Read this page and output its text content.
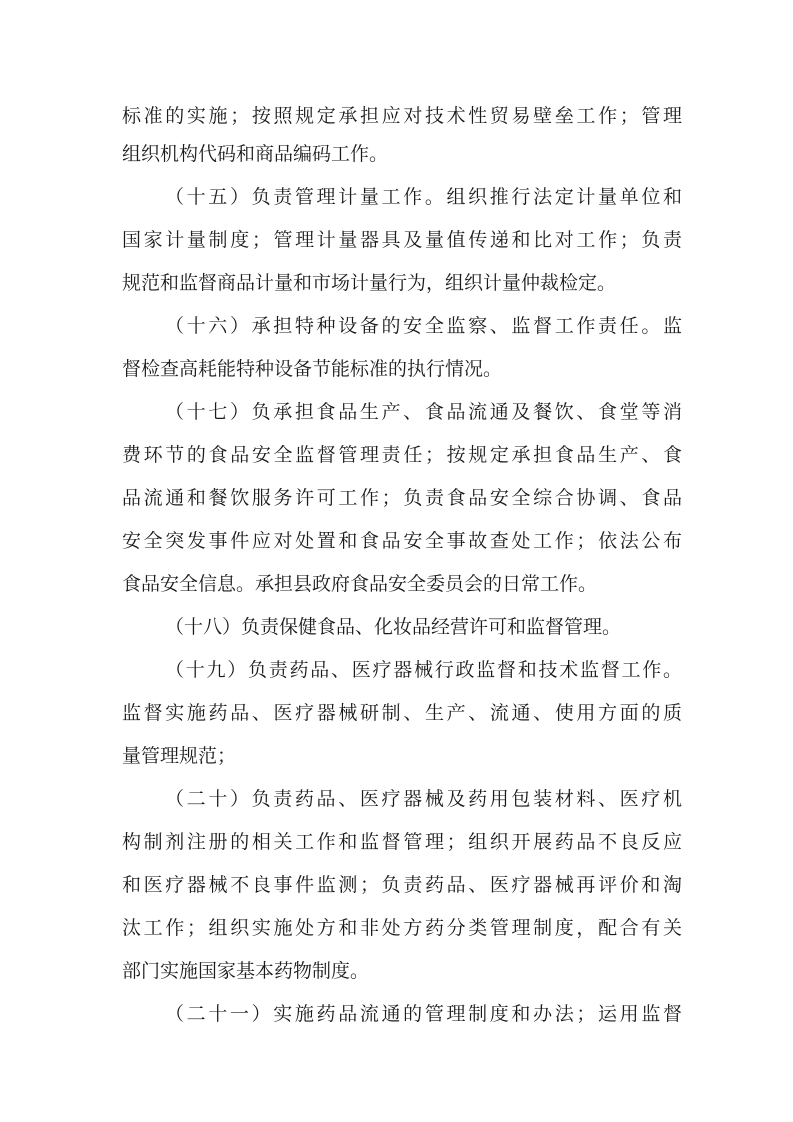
标准的实施；按照规定承担应对技术性贸易壁垒工作；管理
组织机构代码和商品编码工作。
（十五）负责管理计量工作。组织推行法定计量单位和
国家计量制度；管理计量器具及量值传递和比对工作；负责
规范和监督商品计量和市场计量行为，组织计量仲裁检定。
（十六）承担特种设备的安全监察、监督工作责任。监
督检查高耗能特种设备节能标准的执行情况。
（十七）负承担食品生产、食品流通及餐饮、食堂等消
费环节的食品安全监督管理责任；按规定承担食品生产、食
品流通和餐饮服务许可工作；负责食品安全综合协调、食品
安全突发事件应对处置和食品安全事故查处工作；依法公布
食品安全信息。承担县政府食品安全委员会的日常工作。
（十八）负责保健食品、化妆品经营许可和监督管理。
（十九）负责药品、医疗器械行政监督和技术监督工作。
监督实施药品、医疗器械研制、生产、流通、使用方面的质
量管理规范；
（二十）负责药品、医疗器械及药用包装材料、医疗机
构制剂注册的相关工作和监督管理；组织开展药品不良反应
和医疗器械不良事件监测；负责药品、医疗器械再评价和淘
汰工作；组织实施处方和非处方药分类管理制度，配合有关
部门实施国家基本药物制度。
（二十一）实施药品流通的管理制度和办法；运用监督
